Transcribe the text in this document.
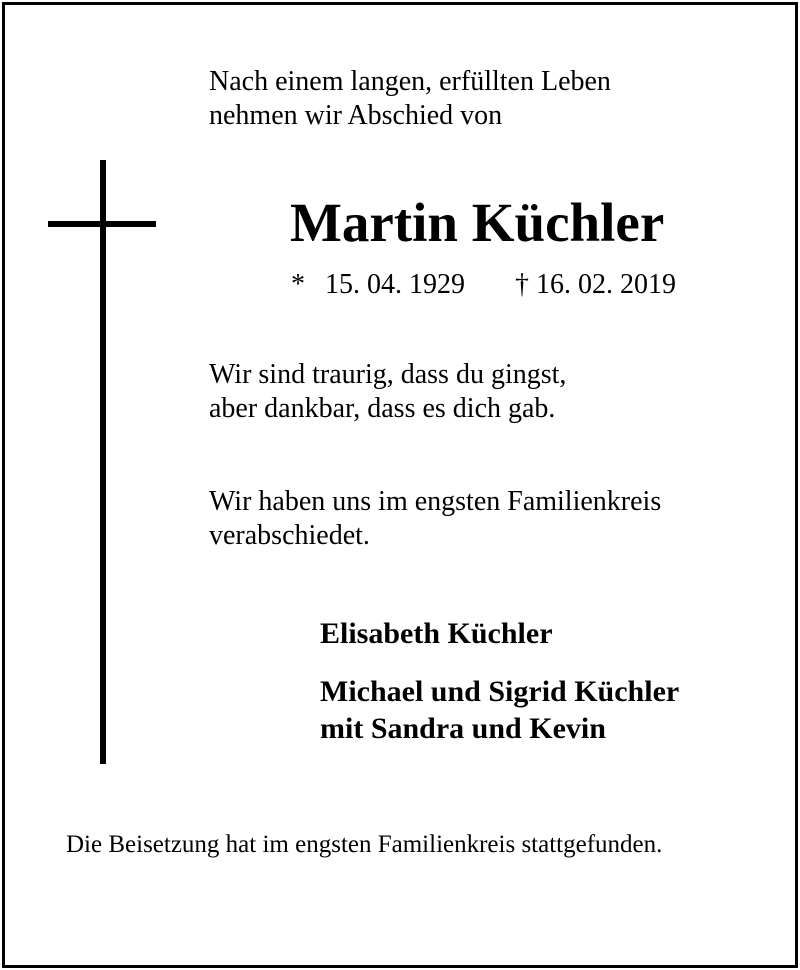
Nach einem langen, erfüllten Leben
nehmen wir Abschied von
Martin Küchler
* 15. 04. 1929 † 16. 02. 2019
Wir sind traurig, dass du gingst,
aber dankbar, dass es dich gab.
Wir haben uns im engsten Familienkreis
verabschiedet.
Elisabeth Küchler
Michael und Sigrid Küchler
mit Sandra und Kevin
Die Beisetzung hat im engsten Familienkreis stattgefunden.
